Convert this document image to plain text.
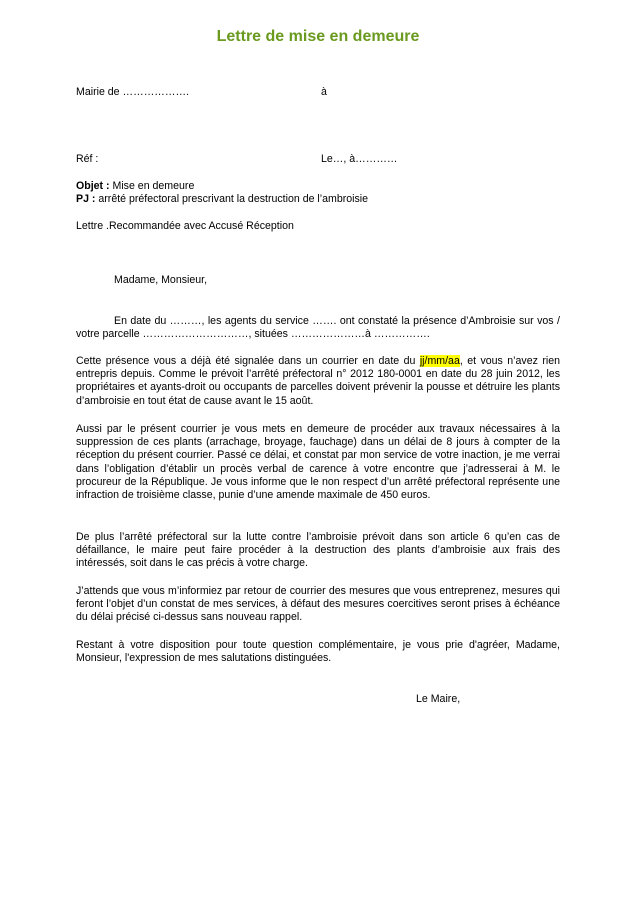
Lettre de mise en demeure
Mairie de ……………….	à
Réf :	Le…, à…………
Objet : Mise en demeure
PJ : arrêté préfectoral prescrivant la destruction de l’ambroisie
Lettre .Recommandée avec Accusé Réception
Madame, Monsieur,
En date du ………, les agents du service ……. ont constaté la présence d’Ambroisie sur vos / votre parcelle …………………………, situées …………………à …………….
Cette présence vous a déjà été signalée dans un courrier en date du jj/mm/aa, et vous n’avez rien entrepris depuis. Comme le prévoit l’arrêté préfectoral n° 2012 180-0001 en date du 28 juin 2012, les propriétaires et ayants-droit ou occupants de parcelles doivent prévenir la pousse et détruire les plants d’ambroisie en tout état de cause avant le 15 août.
Aussi par le présent courrier je vous mets en demeure de procéder aux travaux nécessaires à la suppression de ces plants (arrachage, broyage, fauchage) dans un délai de 8 jours à compter de la réception du présent courrier. Passé ce délai, et constat par mon service de votre inaction, je me verrai dans l’obligation d’établir un procès verbal de carence à votre encontre que j’adresserai à M. le procureur de la République. Je vous informe que le non respect d’un arrêté préfectoral représente une infraction de troisième classe, punie d’une amende maximale de 450 euros.
De plus l’arrêté préfectoral sur la lutte contre l’ambroisie prévoit dans son article 6 qu’en cas de défaillance, le maire peut faire procéder à la destruction des plants d’ambroisie aux frais des intéressés, soit dans le cas précis à votre charge.
J’attends que vous m’informiez par retour de courrier des mesures que vous entreprenez, mesures qui feront l’objet d’un constat de mes services, à défaut des mesures coercitives seront prises à échéance du délai précisé ci-dessus sans nouveau rappel.
Restant à votre disposition pour toute question complémentaire, je vous prie d'agréer, Madame, Monsieur, l'expression de mes salutations distinguées.
Le Maire,
